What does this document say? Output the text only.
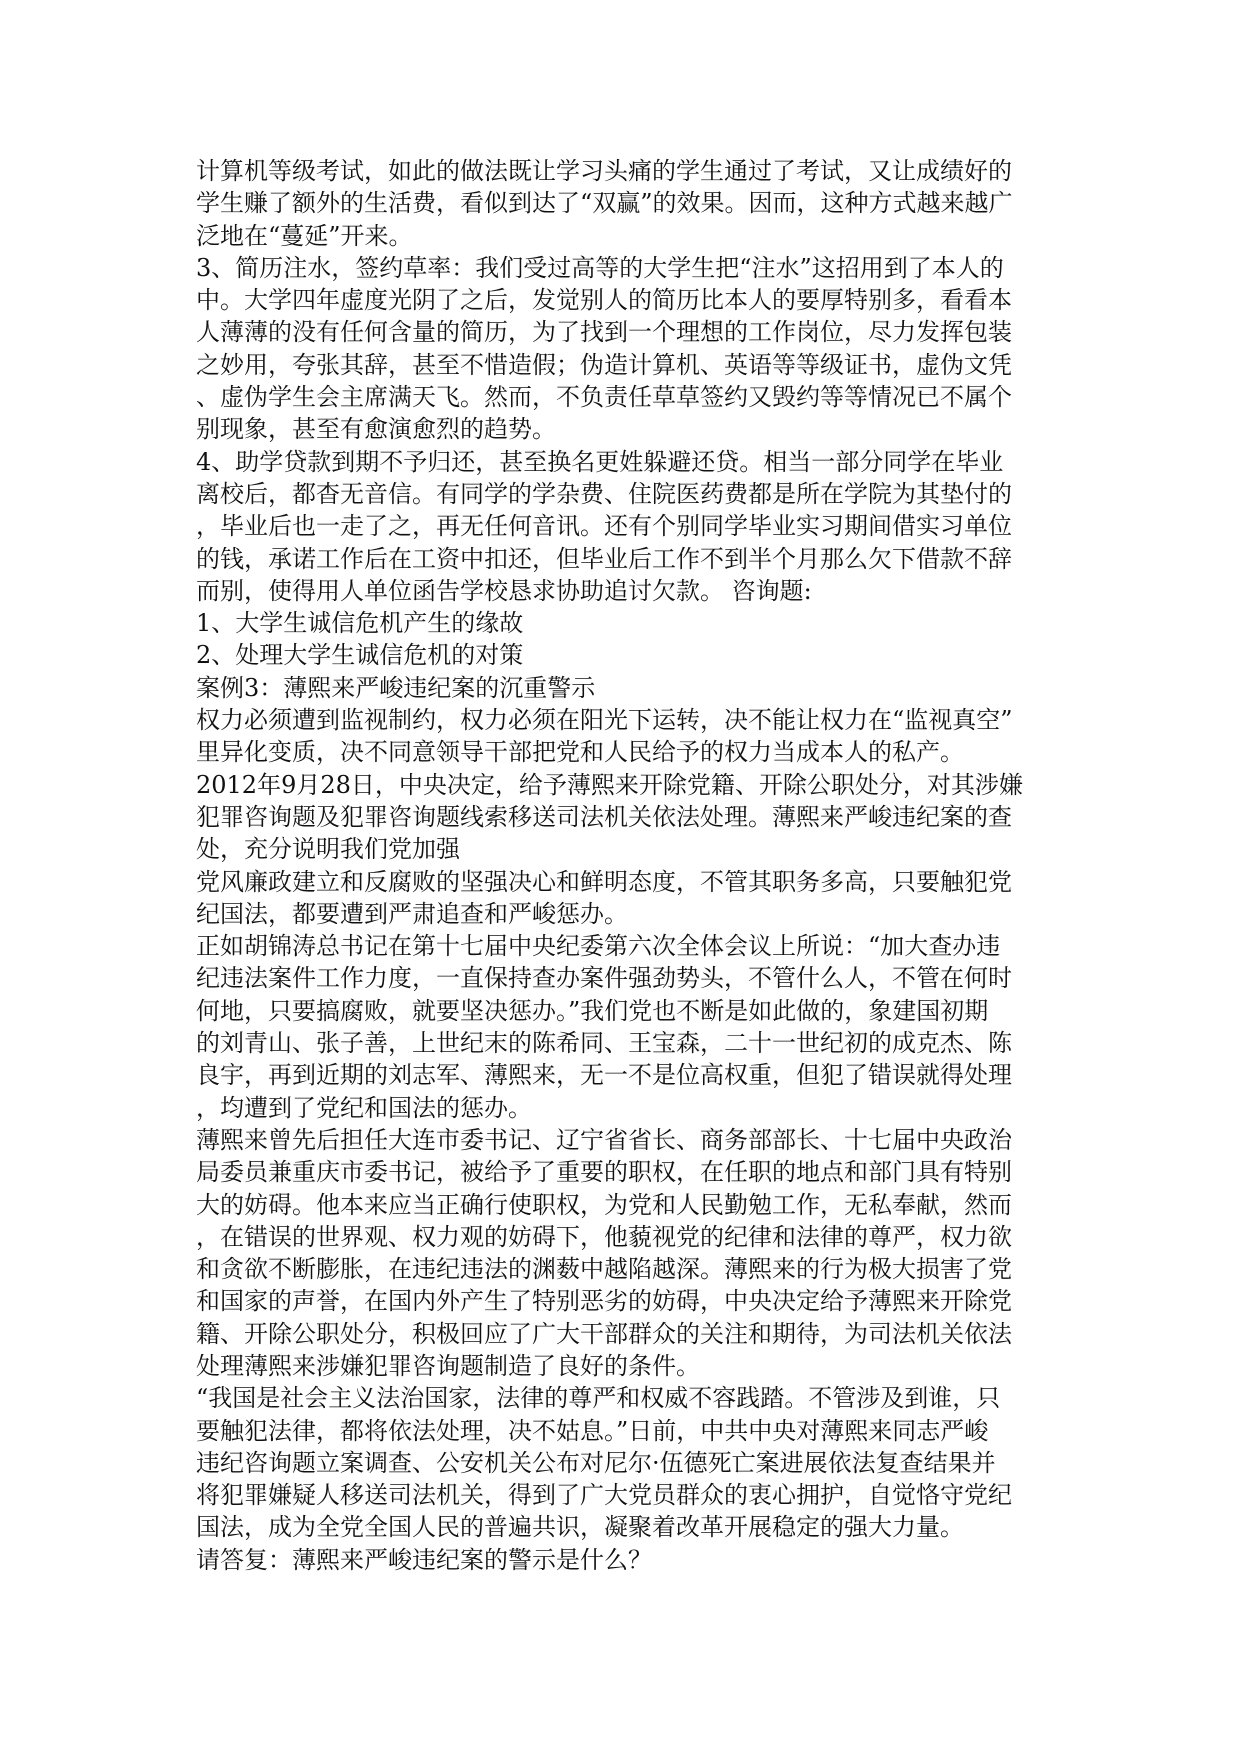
计算机等级考试，如此的做法既让学习头痛的学生通过了考试，又让成绩好的
学生赚了额外的生活费，看似到达了“双赢”的效果。因而，这种方式越来越广
泛地在“蔓延”开来。
3、简历注水，签约草率：我们受过高等的大学生把“注水”这招用到了本人的
中。大学四年虚度光阴了之后，发觉别人的简历比本人的要厚特别多，看看本
人薄薄的没有任何含量的简历，为了找到一个理想的工作岗位，尽力发挥包装
之妙用，夸张其辞，甚至不惜造假；伪造计算机、英语等等级证书，虚伪文凭
、虚伪学生会主席满天飞。然而，不负责任草草签约又毁约等等情况已不属个
别现象，甚至有愈演愈烈的趋势。
4、助学贷款到期不予归还，甚至换名更姓躲避还贷。相当一部分同学在毕业
离校后，都杳无音信。有同学的学杂费、住院医药费都是所在学院为其垫付的
，毕业后也一走了之，再无任何音讯。还有个别同学毕业实习期间借实习单位
的钱，承诺工作后在工资中扣还，但毕业后工作不到半个月那么欠下借款不辞
而别，使得用人单位函告学校恳求协助追讨欠款。 咨询题:
1、大学生诚信危机产生的缘故
2、处理大学生诚信危机的对策
案例3：薄熙来严峻违纪案的沉重警示
权力必须遭到监视制约，权力必须在阳光下运转，决不能让权力在“监视真空”
里异化变质，决不同意领导干部把党和人民给予的权力当成本人的私产。
2012年9月28日，中央决定，给予薄熙来开除党籍、开除公职处分，对其涉嫌
犯罪咨询题及犯罪咨询题线索移送司法机关依法处理。薄熙来严峻违纪案的查
处，充分说明我们党加强
党风廉政建立和反腐败的坚强决心和鲜明态度，不管其职务多高，只要触犯党
纪国法，都要遭到严肃追查和严峻惩办。
正如胡锦涛总书记在第十七届中央纪委第六次全体会议上所说：“加大查办违
纪违法案件工作力度，一直保持查办案件强劲势头，不管什么人，不管在何时
何地，只要搞腐败，就要坚决惩办。”我们党也不断是如此做的，象建国初期
的刘青山、张子善，上世纪末的陈希同、王宝森，二十一世纪初的成克杰、陈
良宇，再到近期的刘志军、薄熙来，无一不是位高权重，但犯了错误就得处理
，均遭到了党纪和国法的惩办。
薄熙来曾先后担任大连市委书记、辽宁省省长、商务部部长、十七届中央政治
局委员兼重庆市委书记，被给予了重要的职权，在任职的地点和部门具有特别
大的妨碍。他本来应当正确行使职权，为党和人民勤勉工作，无私奉献，然而
，在错误的世界观、权力观的妨碍下，他藐视党的纪律和法律的尊严，权力欲
和贪欲不断膨胀，在违纪违法的渊薮中越陷越深。薄熙来的行为极大损害了党
和国家的声誉，在国内外产生了特别恶劣的妨碍，中央决定给予薄熙来开除党
籍、开除公职处分，积极回应了广大干部群众的关注和期待，为司法机关依法
处理薄熙来涉嫌犯罪咨询题制造了良好的条件。
“我国是社会主义法治国家，法律的尊严和权威不容践踏。不管涉及到谁，只
要触犯法律，都将依法处理，决不姑息。”日前，中共中央对薄熙来同志严峻
违纪咨询题立案调查、公安机关公布对尼尔·伍德死亡案进展依法复查结果并
将犯罪嫌疑人移送司法机关，得到了广大党员群众的衷心拥护，自觉恪守党纪
国法，成为全党全国人民的普遍共识，凝聚着改革开展稳定的强大力量。
请答复：薄熙来严峻违纪案的警示是什么？
